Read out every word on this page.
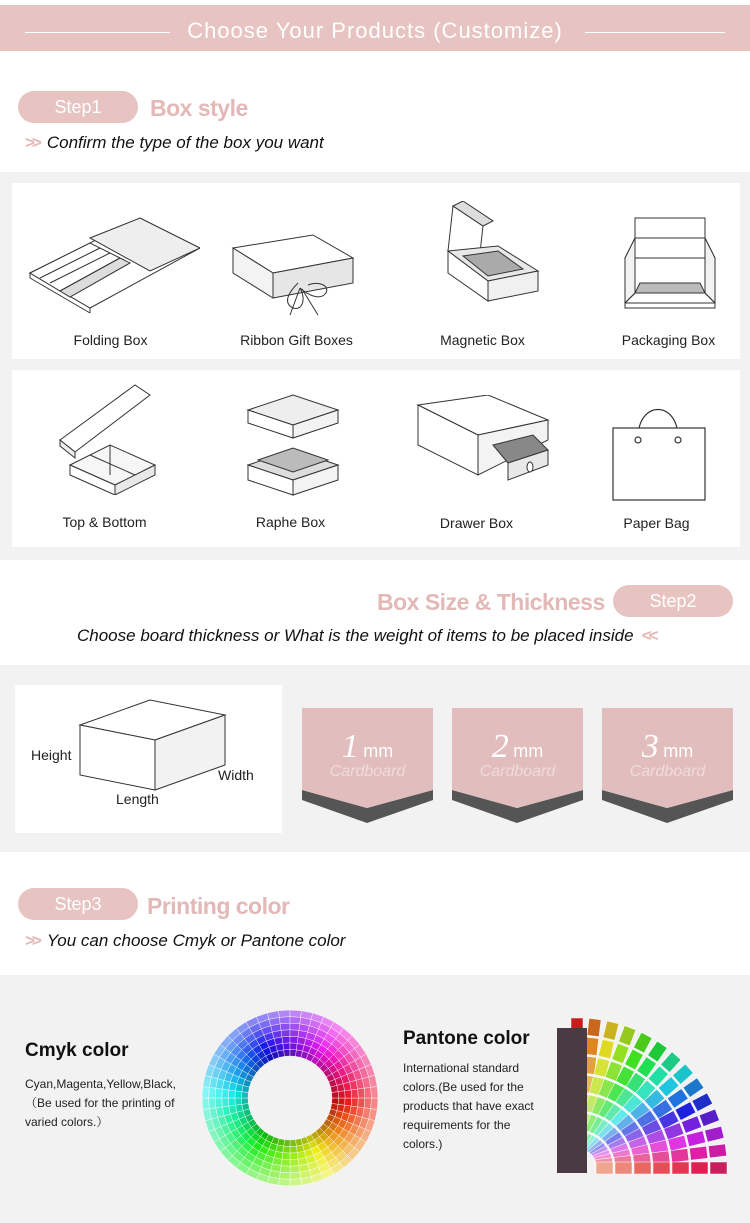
Choose Your Products (Customize)
Step1	Box style
>> Confirm the type of the box you want
Folding Box	Ribbon Gift Boxes	Magnetic Box	Packaging Box
Top & Bottom	Raphe Box	Drawer Box	Paper Bag
Box Size & Thickness	Step2
Choose board thickness or What is the weight of items to be placed inside <<
Height
Width
Length
1 mm
Cardboard
2 mm
Cardboard
3 mm
Cardboard
Step3	Printing color
>> You can choose Cmyk or Pantone color
Cmyk color
Cyan,Magenta,Yellow,Black,
（Be used for the printing of
varied colors.）
Pantone color
International standard
colors.(Be used for the
products that have exact
requirements for the
colors.)
